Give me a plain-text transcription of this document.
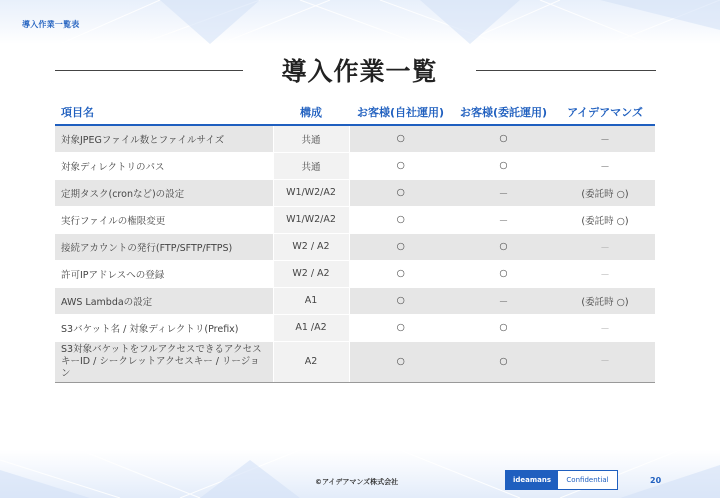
導入作業一覧表
導入作業一覧
項目名	構成	お客様(自社運用)	お客様(委託運用)	アイデアマンズ
対象JPEGファイル数とファイルサイズ	共通	○	○	－
対象ディレクトリのパス	共通	○	○	－
定期タスク(cronなど)の設定	W1/W2/A2	○	－	(委託時 ○)
実行ファイルの権限変更	W1/W2/A2	○	－	(委託時 ○)
接続アカウントの発行(FTP/SFTP/FTPS)	W2 / A2	○	○	－
許可IPアドレスへの登録	W2 / A2	○	○	－
AWS Lambdaの設定	A1	○	－	(委託時 ○)
S3バケット名 / 対象ディレクトリ(Prefix)	A1 /A2	○	○	－
S3対象バケットをフルアクセスできるアクセスキーID / シークレットアクセスキー / リージョン	A2	○	○	－
©アイデアマンズ株式会社	ideamans	Confidential	20
